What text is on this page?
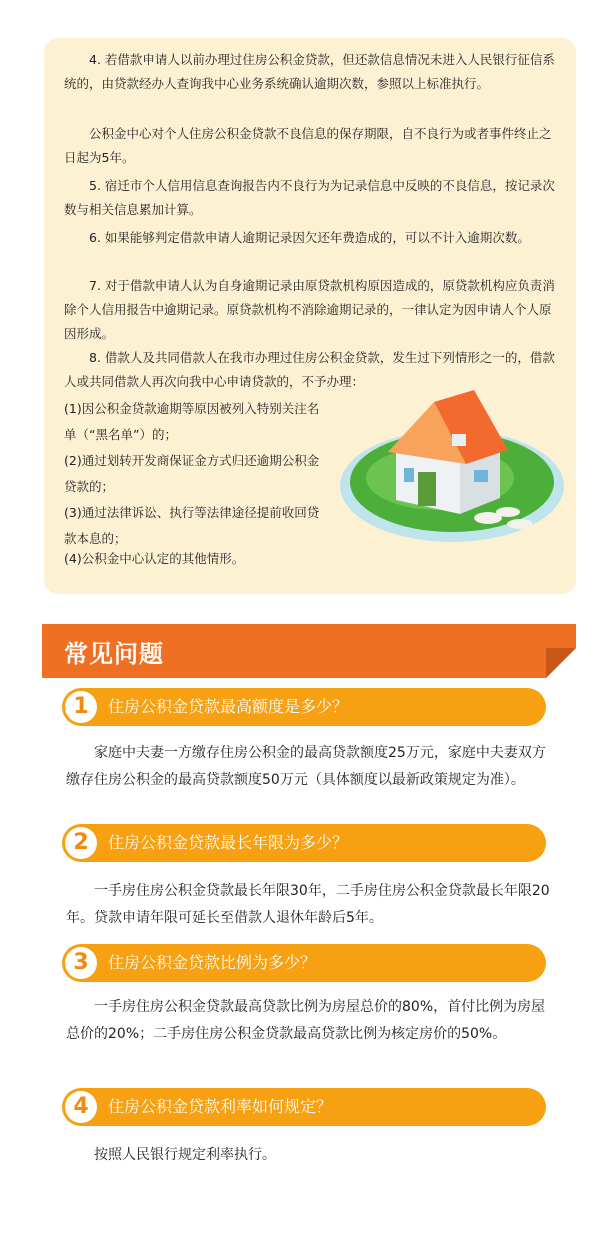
4. 若借款申请人以前办理过住房公积金贷款，但还款信息情况未进入人民银行征信系统的，由贷款经办人查询我中心业务系统确认逾期次数，参照以上标准执行。

公积金中心对个人住房公积金贷款不良信息的保存期限，自不良行为或者事件终止之日起为5年。

5. 宿迁市个人信用信息查询报告内不良行为为记录信息中反映的不良信息，按记录次数与相关信息累加计算。

6. 如果能够判定借款申请人逾期记录因欠还年费造成的，可以不计入逾期次数。

7. 对于借款申请人认为自身逾期记录由原贷款机构原因造成的，原贷款机构应负责消除个人信用报告中逾期记录。原贷款机构不消除逾期记录的，一律认定为因申请人个人原因形成。

8. 借款人及共同借款人在我市办理过住房公积金贷款，发生过下列情形之一的，借款人或共同借款人再次向我中心申请贷款的，不予办理：

(1)因公积金贷款逾期等原因被列入特别关注名单（“黑名单”）的；

(2)通过划转开发商保证金方式归还逾期公积金贷款的；

(3)通过法律诉讼、执行等法律途径提前收回贷款本息的；

(4)公积金中心认定的其他情形。

常见问题
1	住房公积金贷款最高额度是多少？

家庭中夫妻一方缴存住房公积金的最高贷款额度25万元，家庭中夫妻双方缴存住房公积金的最高贷款额度50万元（具体额度以最新政策规定为准）。

2	住房公积金贷款最长年限为多少？

一手房住房公积金贷款最长年限30年，二手房住房公积金贷款最长年限20年。贷款申请年限可延长至借款人退休年龄后5年。

3	住房公积金贷款比例为多少？

一手房住房公积金贷款最高贷款比例为房屋总价的80%，首付比例为房屋总价的20%；二手房住房公积金贷款最高贷款比例为核定房价的50%。

4	住房公积金贷款利率如何规定？

按照人民银行规定利率执行。
